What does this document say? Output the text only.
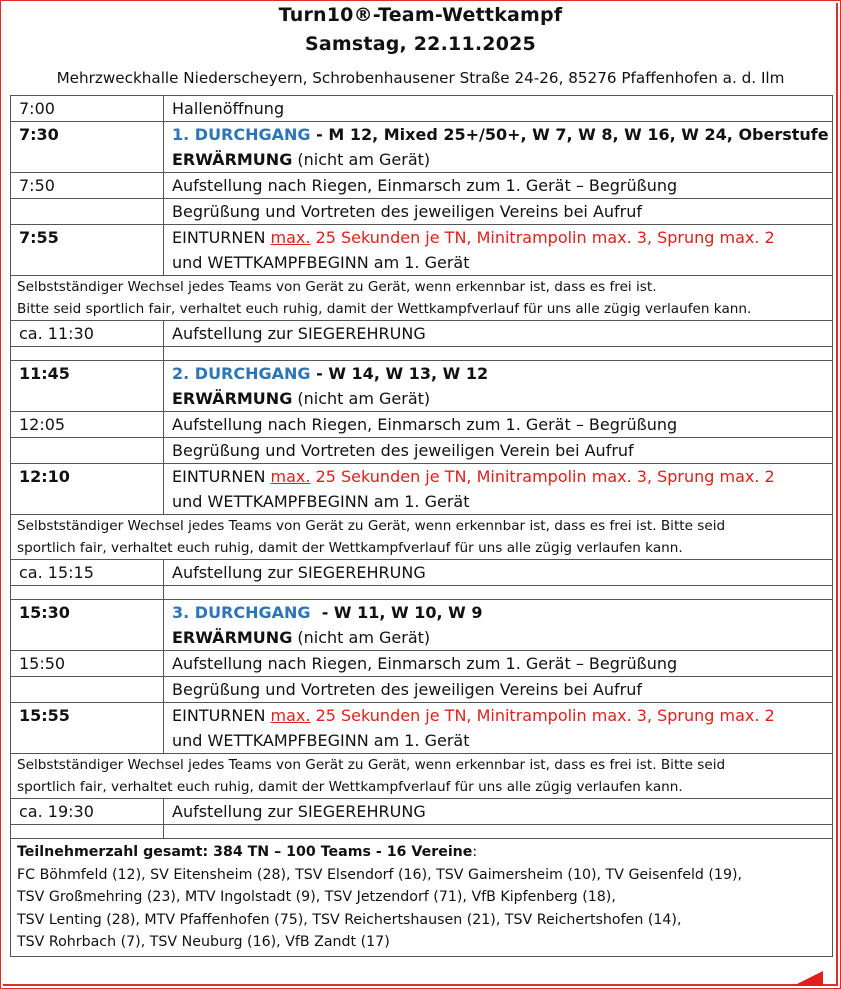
Turn10®-Team-Wettkampf
Samstag, 22.11.2025
Mehrzweckhalle Niederscheyern, Schrobenhausener Straße 24-26, 85276 Pfaffenhofen a. d. Ilm
7:00	Hallenöffnung
7:30	1. DURCHGANG - M 12, Mixed 25+/50+, W 7, W 8, W 16, W 24, Oberstufe
ERWÄRMUNG (nicht am Gerät)

7:50	Aufstellung nach Riegen, Einmarsch zum 1. Gerät – Begrüßung
	Begrüßung und Vortreten des jeweiligen Vereins bei Aufruf
7:55	EINTURNEN max. 25 Sekunden je TN, Minitrampolin max. 3, Sprung max. 2
und WETTKAMPFBEGINN am 1. Gerät

Selbstständiger Wechsel jedes Teams von Gerät zu Gerät, wenn erkennbar ist, dass es frei ist.
Bitte seid sportlich fair, verhaltet euch ruhig, damit der Wettkampfverlauf für uns alle zügig verlaufen kann.	

ca. 11:30	Aufstellung zur SIEGEREHRUNG

11:45	2. DURCHGANG - W 14, W 13, W 12
ERWÄRMUNG (nicht am Gerät)

12:05	Aufstellung nach Riegen, Einmarsch zum 1. Gerät – Begrüßung
	Begrüßung und Vortreten des jeweiligen Verein bei Aufruf
12:10	EINTURNEN max. 25 Sekunden je TN, Minitrampolin max. 3, Sprung max. 2
und WETTKAMPFBEGINN am 1. Gerät

Selbstständiger Wechsel jedes Teams von Gerät zu Gerät, wenn erkennbar ist, dass es frei ist. Bitte seid
sportlich fair, verhaltet euch ruhig, damit der Wettkampfverlauf für uns alle zügig verlaufen kann.	

ca. 15:15	Aufstellung zur SIEGEREHRUNG

15:30	3. DURCHGANG  - W 11, W 10, W 9
ERWÄRMUNG (nicht am Gerät)

15:50	Aufstellung nach Riegen, Einmarsch zum 1. Gerät – Begrüßung
	Begrüßung und Vortreten des jeweiligen Vereins bei Aufruf
15:55	EINTURNEN max. 25 Sekunden je TN, Minitrampolin max. 3, Sprung max. 2
und WETTKAMPFBEGINN am 1. Gerät

Selbstständiger Wechsel jedes Teams von Gerät zu Gerät, wenn erkennbar ist, dass es frei ist. Bitte seid
sportlich fair, verhaltet euch ruhig, damit der Wettkampfverlauf für uns alle zügig verlaufen kann.	

ca. 19:30	Aufstellung zur SIEGEREHRUNG

Teilnehmerzahl gesamt: 384 TN – 100 Teams - 16 Vereine:
FC Böhmfeld (12), SV Eitensheim (28), TSV Elsendorf (16), TSV Gaimersheim (10), TV Geisenfeld (19),
TSV Großmehring (23), MTV Ingolstadt (9), TSV Jetzendorf (71), VfB Kipfenberg (18),
TSV Lenting (28), MTV Pfaffenhofen (75), TSV Reichertshausen (21), TSV Reichertshofen (14),
TSV Rohrbach (7), TSV Neuburg (16), VfB Zandt (17)	
